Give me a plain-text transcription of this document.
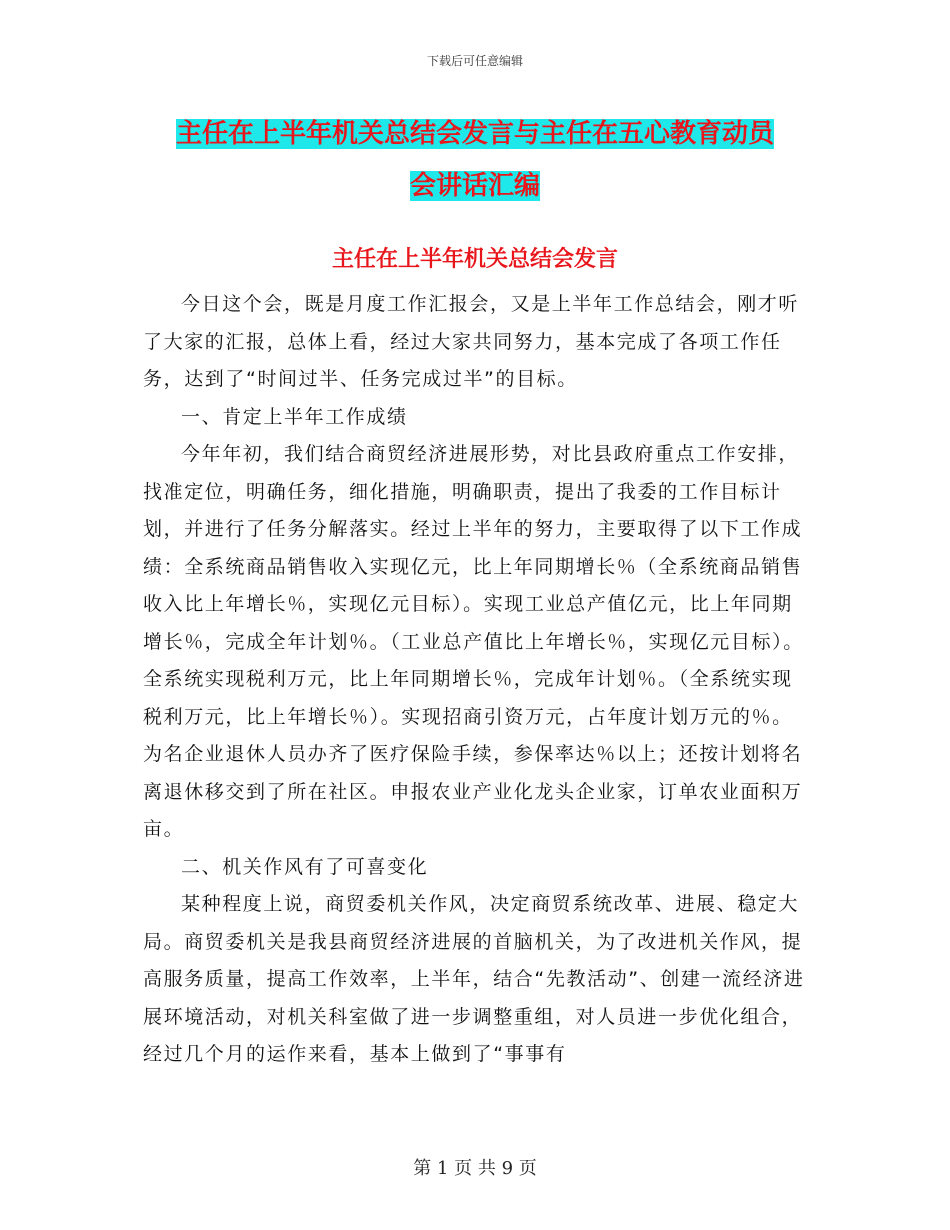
下载后可任意编辑
主任在上半年机关总结会发言与主任在五心教育动员
会讲话汇编
主任在上半年机关总结会发言

今日这个会，既是月度工作汇报会，又是上半年工作总结会，刚才听了大家的汇报，总体上看，经过大家共同努力，基本完成了各项工作任务，达到了“时间过半、任务完成过半”的目标。

一、肯定上半年工作成绩

今年年初，我们结合商贸经济进展形势，对比县政府重点工作安排，找准定位，明确任务，细化措施，明确职责，提出了我委的工作目标计划，并进行了任务分解落实。经过上半年的努力，主要取得了以下工作成绩：全系统商品销售收入实现亿元，比上年同期增长％（全系统商品销售收入比上年增长％，实现亿元目标）。实现工业总产值亿元，比上年同期增长％，完成全年计划％。（工业总产值比上年增长％，实现亿元目标）。全系统实现税利万元，比上年同期增长％，完成年计划％。（全系统实现税利万元，比上年增长％）。实现招商引资万元，占年度计划万元的％。为名企业退休人员办齐了医疗保险手续，参保率达％以上；还按计划将名离退休移交到了所在社区。申报农业产业化龙头企业家，订单农业面积万亩。

二、机关作风有了可喜变化

某种程度上说，商贸委机关作风，决定商贸系统改革、进展、稳定大局。商贸委机关是我县商贸经济进展的首脑机关，为了改进机关作风，提高服务质量，提高工作效率，上半年，结合“先教活动”、创建一流经济进展环境活动，对机关科室做了进一步调整重组，对人员进一步优化组合，经过几个月的运作来看，基本上做到了“事事有

第 1 页 共 9 页
